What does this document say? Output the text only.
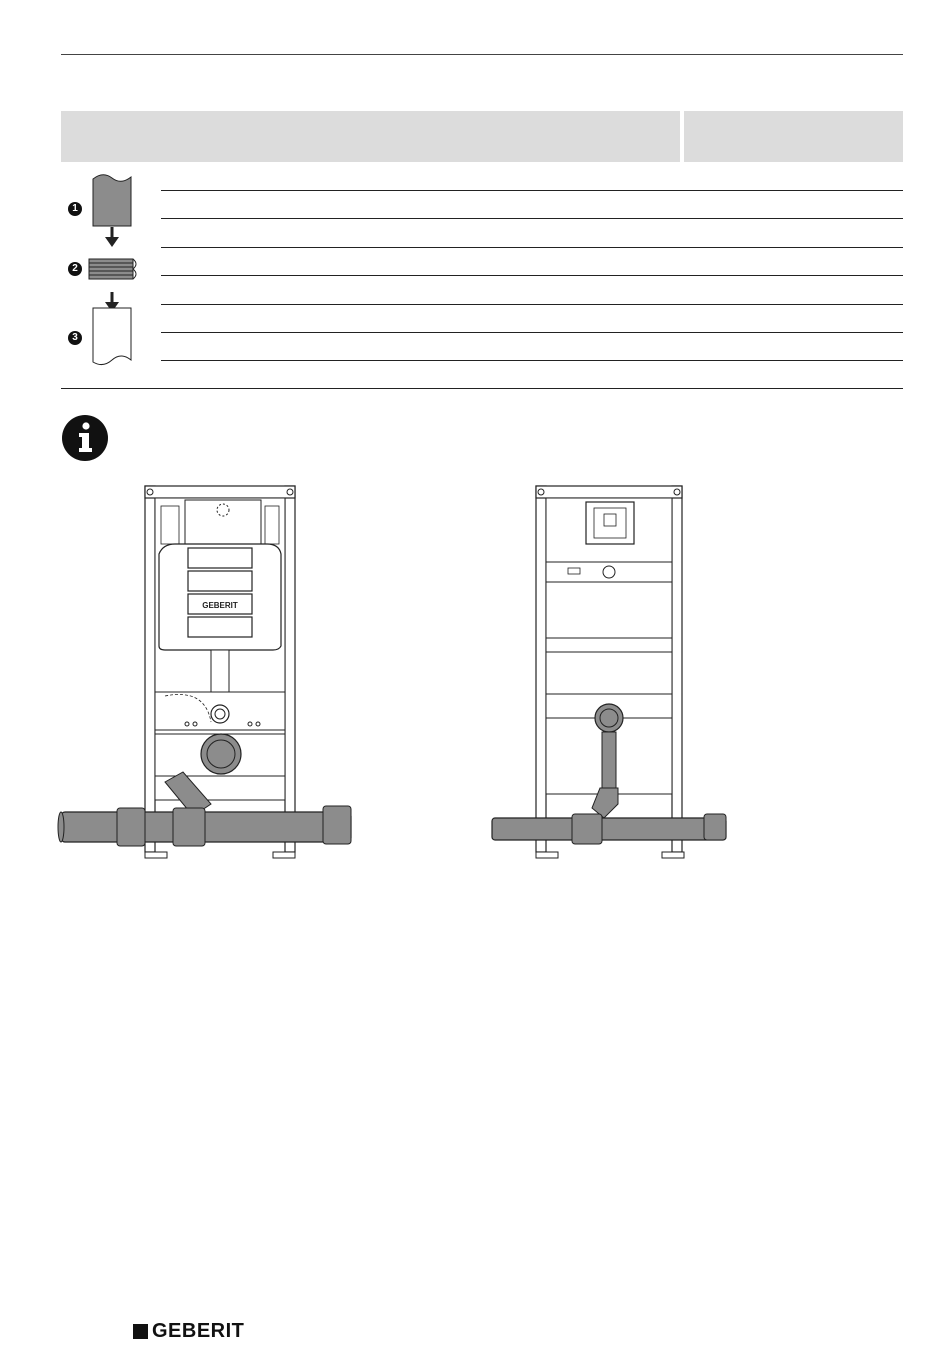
1
2
3
GEBERIT
GEBERIT
